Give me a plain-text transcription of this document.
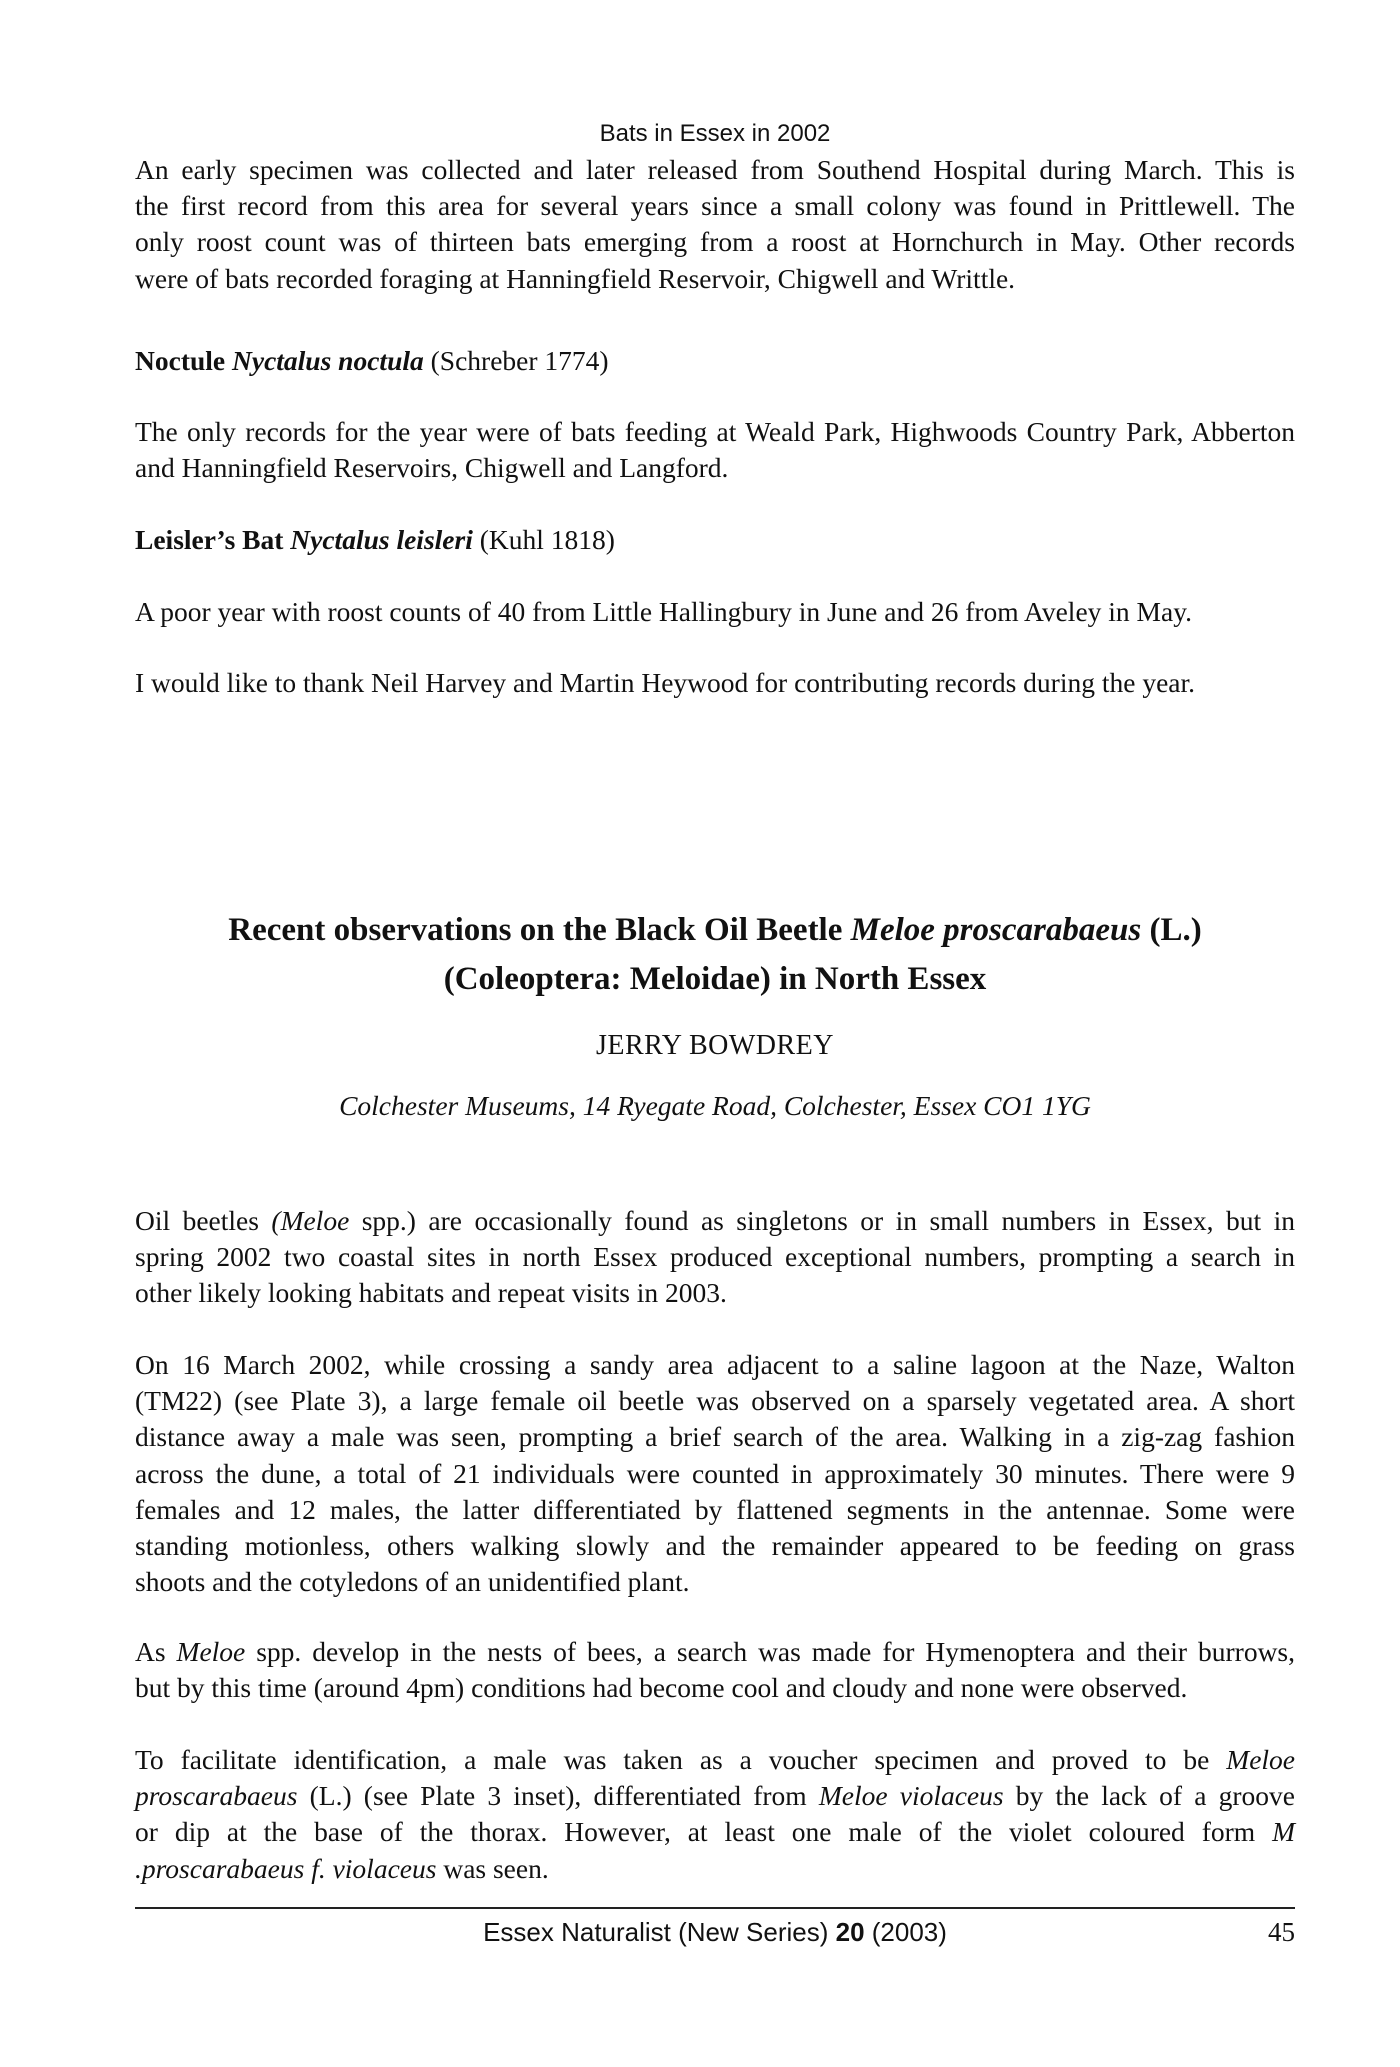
Bats in Essex in 2002
An early specimen was collected and later released from Southend Hospital during March. This is
the first record from this area for several years since a small colony was found in Prittlewell. The
only roost count was of thirteen bats emerging from a roost at Hornchurch in May. Other records
were of bats recorded foraging at Hanningfield Reservoir, Chigwell and Writtle.
Noctule Nyctalus noctula (Schreber 1774)
The only records for the year were of bats feeding at Weald Park, Highwoods Country Park, Abberton
and Hanningfield Reservoirs, Chigwell and Langford.
Leisler’s Bat Nyctalus leisleri (Kuhl 1818)
A poor year with roost counts of 40 from Little Hallingbury in June and 26 from Aveley in May.
I would like to thank Neil Harvey and Martin Heywood for contributing records during the year.
Recent observations on the Black Oil Beetle Meloe proscarabaeus (L.)
(Coleoptera: Meloidae) in North Essex
JERRY BOWDREY
Colchester Museums, 14 Ryegate Road, Colchester, Essex CO1 1YG
Oil beetles (Meloe spp.) are occasionally found as singletons or in small numbers in Essex, but in
spring 2002 two coastal sites in north Essex produced exceptional numbers, prompting a search in
other likely looking habitats and repeat visits in 2003.
On 16 March 2002, while crossing a sandy area adjacent to a saline lagoon at the Naze, Walton
(TM22) (see Plate 3), a large female oil beetle was observed on a sparsely vegetated area. A short
distance away a male was seen, prompting a brief search of the area. Walking in a zig-zag fashion
across the dune, a total of 21 individuals were counted in approximately 30 minutes. There were 9
females and 12 males, the latter differentiated by flattened segments in the antennae. Some were
standing motionless, others walking slowly and the remainder appeared to be feeding on grass
shoots and the cotyledons of an unidentified plant.
As Meloe spp. develop in the nests of bees, a search was made for Hymenoptera and their burrows,
but by this time (around 4pm) conditions had become cool and cloudy and none were observed.
To facilitate identification, a male was taken as a voucher specimen and proved to be Meloe
proscarabaeus (L.) (see Plate 3 inset), differentiated from Meloe violaceus by the lack of a groove
or dip at the base of the thorax. However, at least one male of the violet coloured form M
.proscarabaeus f. violaceus was seen.
Essex Naturalist (New Series) 20 (2003)	45
